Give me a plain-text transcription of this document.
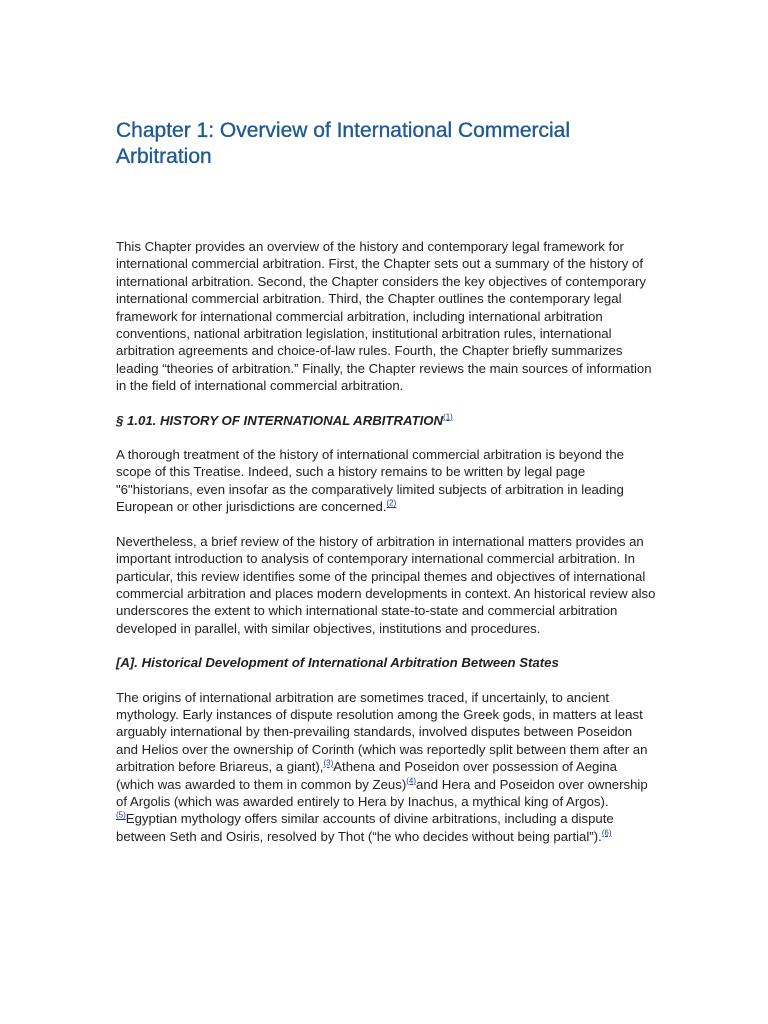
Chapter 1: Overview of International Commercial Arbitration

This Chapter provides an overview of the history and contemporary legal framework for international commercial arbitration. First, the Chapter sets out a summary of the history of international arbitration. Second, the Chapter considers the key objectives of contemporary international commercial arbitration. Third, the Chapter outlines the contemporary legal framework for international commercial arbitration, including international arbitration conventions, national arbitration legislation, institutional arbitration rules, international arbitration agreements and choice-of-law rules. Fourth, the Chapter briefly summarizes leading “theories of arbitration.” Finally, the Chapter reviews the main sources of information in the field of international commercial arbitration.

§ 1.01. HISTORY OF INTERNATIONAL ARBITRATION$^{(1)}$

A thorough treatment of the history of international commercial arbitration is beyond the scope of this Treatise. Indeed, such a history remains to be written by legal page "6"historians, even insofar as the comparatively limited subjects of arbitration in leading European or other jurisdictions are concerned.$^{(2)}$

Nevertheless, a brief review of the history of arbitration in international matters provides an important introduction to analysis of contemporary international commercial arbitration. In particular, this review identifies some of the principal themes and objectives of international commercial arbitration and places modern developments in context. An historical review also underscores the extent to which international state-to-state and commercial arbitration developed in parallel, with similar objectives, institutions and procedures.

[A]. Historical Development of International Arbitration Between States

The origins of international arbitration are sometimes traced, if uncertainly, to ancient mythology. Early instances of dispute resolution among the Greek gods, in matters at least arguably international by then-prevailing standards, involved disputes between Poseidon and Helios over the ownership of Corinth (which was reportedly split between them after an arbitration before Briareus, a giant),$^{(3)}$Athena and Poseidon over possession of Aegina (which was awarded to them in common by Zeus)$^{(4)}$and Hera and Poseidon over ownership of Argolis (which was awarded entirely to Hera by Inachus, a mythical king of Argos).$^{(5)}$Egyptian mythology offers similar accounts of divine arbitrations, including a dispute between Seth and Osiris, resolved by Thot (“he who decides without being partial”).$^{(6)}$
